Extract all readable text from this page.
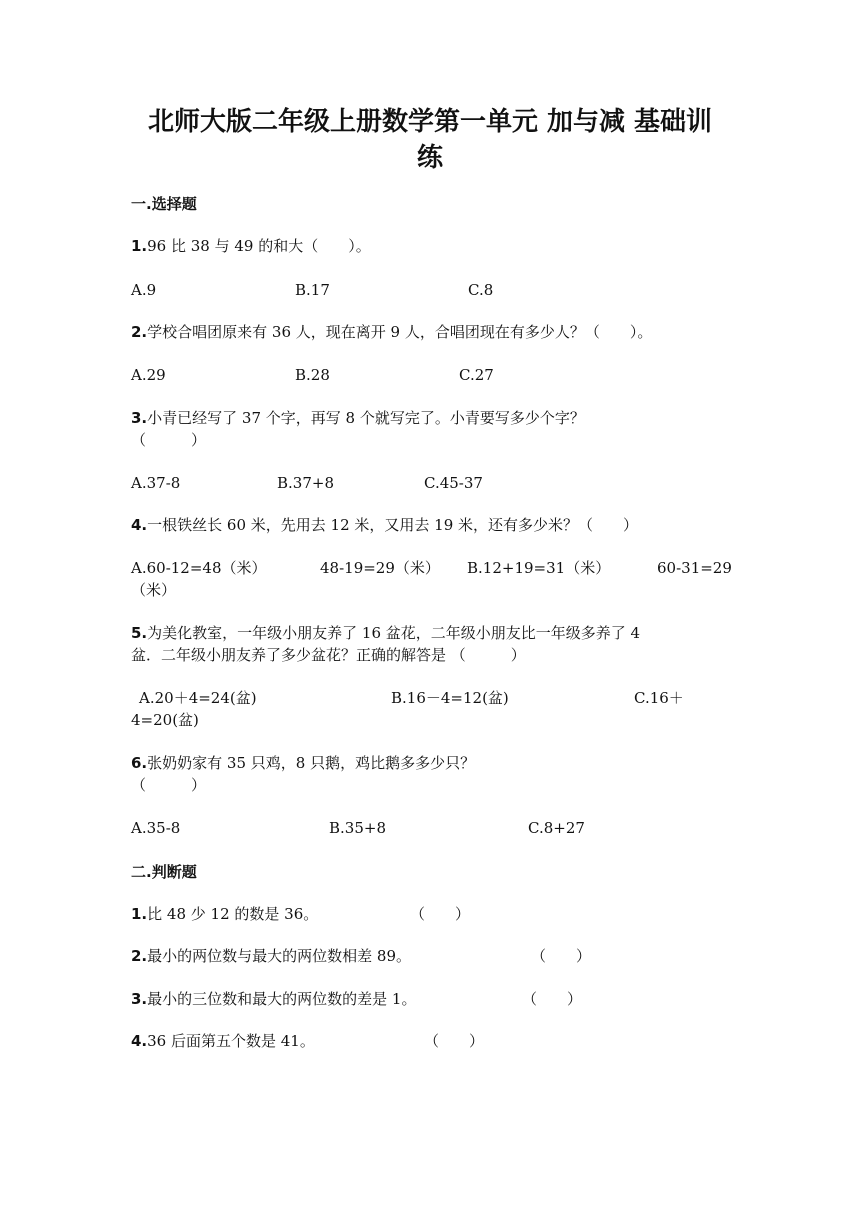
北师大版二年级上册数学第一单元 加与减 基础训
练
一.选择题
1.96 比 38 与 49 的和大（　　）。
A.9	B.17	C.8
2.学校合唱团原来有 36 人，现在离开 9 人，合唱团现在有多少人？（　　）。
A.29	B.28	C.27
3.小青已经写了 37 个字，再写 8 个就写完了。小青要写多少个字？
（　　　）
A.37-8	B.37+8	C.45-37
4.一根铁丝长 60 米，先用去 12 米，又用去 19 米，还有多少米？（　　）
A.60-12=48（米）	48-19=29（米） B.12+19=31（米）	60-31=29
（米）
5.为美化教室，一年级小朋友养了 16 盆花，二年级小朋友比一年级多养了 4
盆．二年级小朋友养了多少盆花？正确的解答是 （　　　）
A.20＋4=24(盆)	B.16－4=12(盆)	C.16＋
4=20(盆)
6.张奶奶家有 35 只鸡，8 只鹅，鸡比鹅多多少只？
（　　　）
A.35-8	B.35+8	C.8+27
二.判断题
1.比 48 少 12 的数是 36。	（　　）
2.最小的两位数与最大的两位数相差 89。	（　　）
3.最小的三位数和最大的两位数的差是 1。	（　　）
4.36 后面第五个数是 41。	（　　）
